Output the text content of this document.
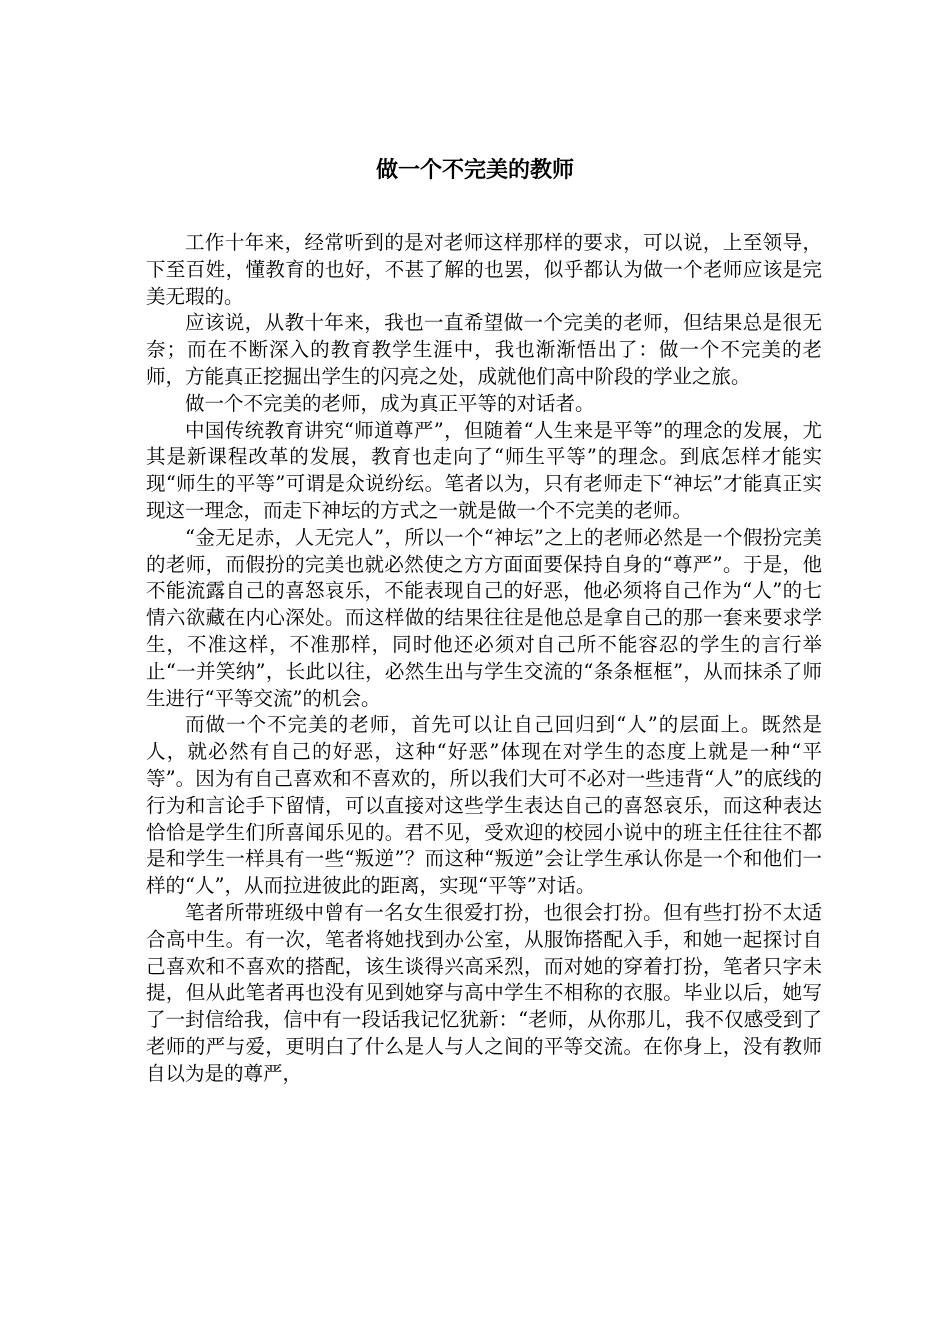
做一个不完美的教师

工作十年来，经常听到的是对老师这样那样的要求，可以说，上至领导，下至百姓，懂教育的也好，不甚了解的也罢，似乎都认为做一个老师应该是完美无瑕的。

应该说，从教十年来，我也一直希望做一个完美的老师，但结果总是很无奈；而在不断深入的教育教学生涯中，我也渐渐悟出了：做一个不完美的老师，方能真正挖掘出学生的闪亮之处，成就他们高中阶段的学业之旅。

做一个不完美的老师，成为真正平等的对话者。

中国传统教育讲究“师道尊严”，但随着“人生来是平等”的理念的发展，尤其是新课程改革的发展，教育也走向了“师生平等”的理念。到底怎样才能实现“师生的平等”可谓是众说纷纭。笔者以为，只有老师走下“神坛”才能真正实现这一理念，而走下神坛的方式之一就是做一个不完美的老师。

“金无足赤，人无完人”，所以一个“神坛”之上的老师必然是一个假扮完美的老师，而假扮的完美也就必然使之方方面面要保持自身的“尊严”。于是，他不能流露自己的喜怒哀乐，不能表现自己的好恶，他必须将自己作为“人”的七情六欲藏在内心深处。而这样做的结果往往是他总是拿自己的那一套来要求学生，不准这样，不准那样，同时他还必须对自己所不能容忍的学生的言行举止“一并笑纳”，长此以往，必然生出与学生交流的“条条框框”，从而抹杀了师生进行“平等交流”的机会。

而做一个不完美的老师，首先可以让自己回归到“人”的层面上。既然是人，就必然有自己的好恶，这种“好恶”体现在对学生的态度上就是一种“平等”。因为有自己喜欢和不喜欢的，所以我们大可不必对一些违背“人”的底线的行为和言论手下留情，可以直接对这些学生表达自己的喜怒哀乐，而这种表达恰恰是学生们所喜闻乐见的。君不见，受欢迎的校园小说中的班主任往往不都是和学生一样具有一些“叛逆”？而这种“叛逆”会让学生承认你是一个和他们一样的“人”，从而拉进彼此的距离，实现“平等”对话。

笔者所带班级中曾有一名女生很爱打扮，也很会打扮。但有些打扮不太适合高中生。有一次，笔者将她找到办公室，从服饰搭配入手，和她一起探讨自己喜欢和不喜欢的搭配，该生谈得兴高采烈，而对她的穿着打扮，笔者只字未提，但从此笔者再也没有见到她穿与高中学生不相称的衣服。毕业以后，她写了一封信给我，信中有一段话我记忆犹新：“老师，从你那儿，我不仅感受到了老师的严与爱，更明白了什么是人与人之间的平等交流。在你身上，没有教师自以为是的尊严，
